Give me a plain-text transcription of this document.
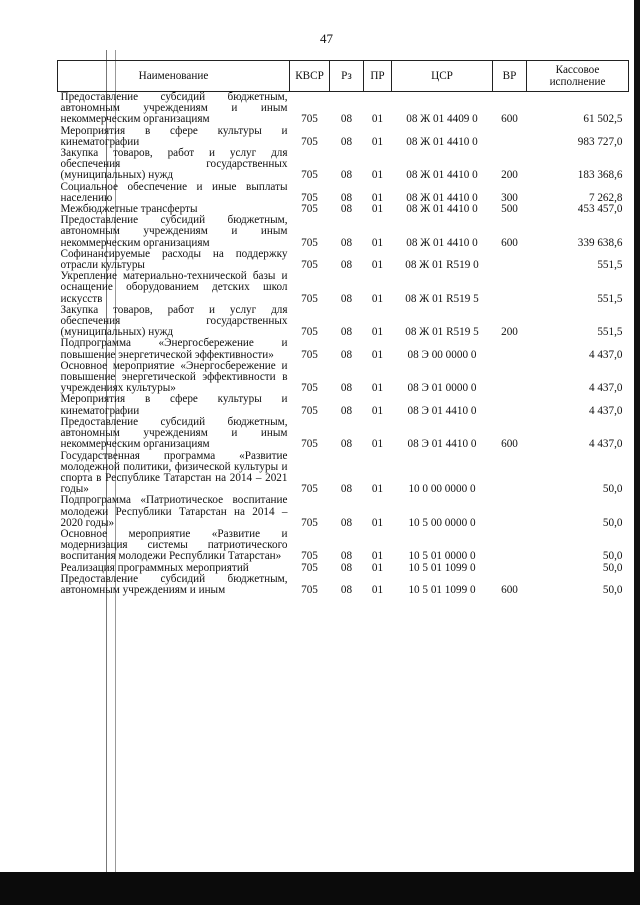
47
Наименование	КВСР	Рз	ПР	ЦСР	ВР	Кассовое исполнение
Предоставление субсидий бюджетным, автономным учреждениям и иным некоммерческим организациям	705	08	01	08 Ж 01 4409 0	600	61 502,5
Мероприятия в сфере культуры и кинематографии	705	08	01	08 Ж 01 4410 0		983 727,0
Закупка товаров, работ и услуг для обеспечения государственных (муниципальных) нужд	705	08	01	08 Ж 01 4410 0	200	183 368,6
Социальное обеспечение и иные выплаты населению	705	08	01	08 Ж 01 4410 0	300	7 262,8
Межбюджетные трансферты	705	08	01	08 Ж 01 4410 0	500	453 457,0
Предоставление субсидий бюджетным, автономным учреждениям и иным некоммерческим организациям	705	08	01	08 Ж 01 4410 0	600	339 638,6
Софинансируемые расходы на поддержку отрасли культуры	705	08	01	08 Ж 01 R519 0		551,5
Укрепление материально-технической базы и оснащение оборудованием детских школ искусств	705	08	01	08 Ж 01 R519 5		551,5
Закупка товаров, работ и услуг для обеспечения государственных (муниципальных) нужд	705	08	01	08 Ж 01 R519 5	200	551,5
Подпрограмма «Энергосбережение и повышение энергетической эффективности»	705	08	01	08 Э 00 0000 0		4 437,0
Основное мероприятие «Энергосбережение и повышение энергетической эффективности в учреждениях культуры»	705	08	01	08 Э 01 0000 0		4 437,0
Мероприятия в сфере культуры и кинематографии	705	08	01	08 Э 01 4410 0		4 437,0
Предоставление субсидий бюджетным, автономным учреждениям и иным некоммерческим организациям	705	08	01	08 Э 01 4410 0	600	4 437,0
Государственная программа «Развитие молодежной политики, физической культуры и спорта в Республике Татарстан на 2014 – 2021 годы»	705	08	01	10 0 00 0000 0		50,0
Подпрограмма «Патриотическое воспитание молодежи Республики Татарстан на 2014 – 2020 годы»	705	08	01	10 5 00 0000 0		50,0
Основное мероприятие «Развитие и модернизация системы патриотического воспитания молодежи Республики Татарстан»	705	08	01	10 5 01 0000 0		50,0
Реализация программных мероприятий	705	08	01	10 5 01 1099 0		50,0
Предоставление субсидий бюджетным, автономным учреждениям и иным	705	08	01	10 5 01 1099 0	600	50,0
